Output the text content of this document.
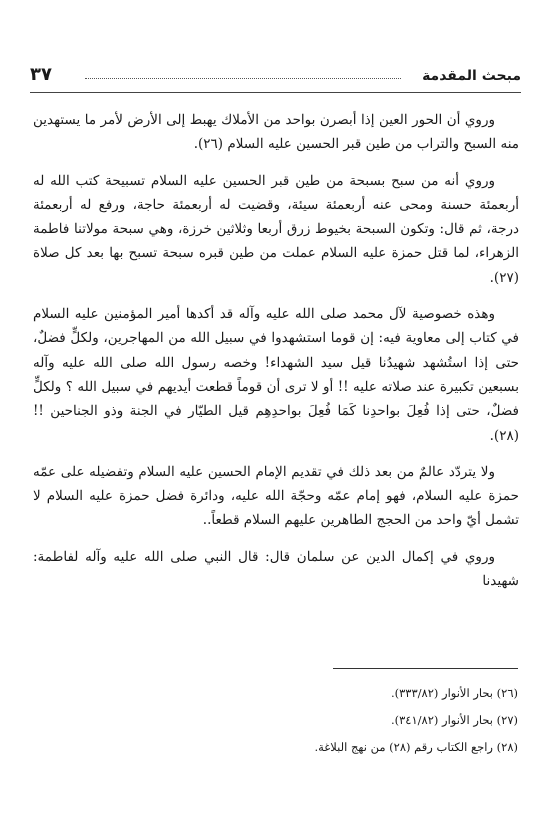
مبحث المقدمة
٣٧

وروي أن الحور العين إذا أبصرن بواحد من الأملاك يهبط إلى الأرض لأمر ما يستهدين منه السبح والتراب من طين قبر الحسين عليه السلام (٢٦).

وروي أنه من سبح بسبحة من طين قبر الحسين عليه السلام تسبيحة كتب الله له أربعمئة حسنة ومحى عنه أربعمئة سيئة، وقضيت له أربعمئة حاجة، ورفع له أربعمئة درجة، ثم قال: وتكون السبحة بخيوط زرق أربعا وثلاثين خرزة، وهي سبحة مولاتنا فاطمة الزهراء، لما قتل حمزة عليه السلام عملت من طين قبره سبحة تسبح بها بعد كل صلاة (٢٧).

وهذه خصوصية لآل محمد صلى الله عليه وآله قد أكدها أمير المؤمنين عليه السلام في كتاب إلى معاوية فيه: إن قوما استشهدوا في سبيل الله من المهاجرين، ولكلٍّ فضلٌ، حتى إذا استُشهد شهيدُنا قيل سيد الشهداء! وخصه رسول الله صلى الله عليه وآله بسبعين تكبيرة عند صلاته عليه !! أو لا ترى أن قوماً قطعت أيديهم في سبيل الله ؟ ولكلٍّ فضلٌ، حتى إذا فُعِلَ بواحدِنا كَمَا فُعِلَ بواحدِهِم قيل الطيّار في الجنة وذو الجناحين !! (٢٨).

ولا يتردّد عالمٌ من بعد ذلك في تقديم الإمام الحسين عليه السلام وتفضيله على عمّه حمزة عليه السلام، فهو إمام عمّه وحجّة الله عليه، ودائرة فضل حمزة عليه السلام لا تشمل أيّ واحد من الحجج الطاهرين عليهم السلام قطعاً..

وروي في إكمال الدين عن سلمان قال: قال النبي صلى الله عليه وآله لفاطمة: شهيدنا

(٢٦) بحار الأنوار (٣٣٣/٨٢).

(٢٧) بحار الأنوار (٣٤١/٨٢).

(٢٨) راجع الكتاب رقم (٢٨) من نهج البلاغة.
